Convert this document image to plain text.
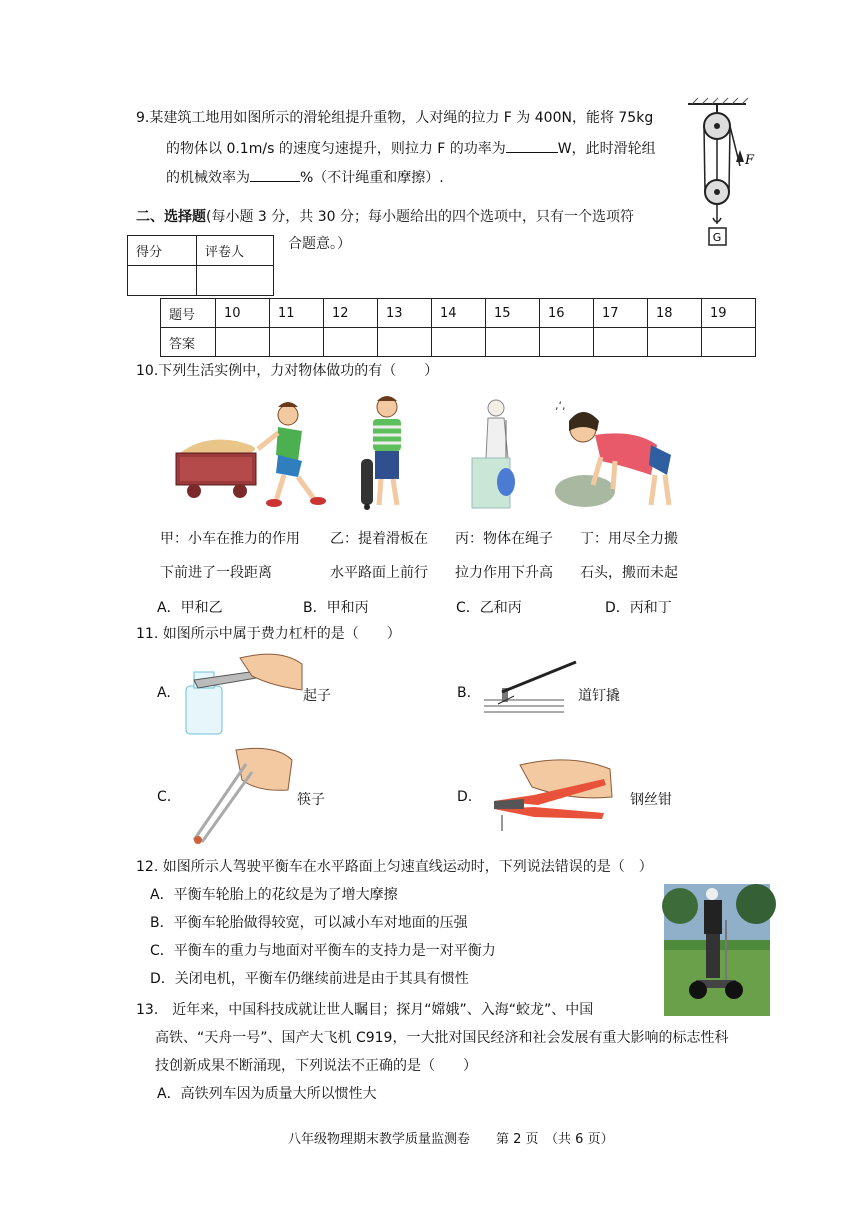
9.某建筑工地用如图所示的滑轮组提升重物，人对绳的拉力 F 为 400N，能将 75kg
的物体以 0.1m/s 的速度匀速提升，则拉力 F 的功率为	W，此时滑轮组
的机械效率为	%（不计绳重和摩擦）.
G
F
二、选择题(每小题 3 分，共 30 分；每小题给出的四个选项中，只有一个选项符
合题意。）
得分	评卷人

题号	10	11	12	13	14	15	16	17	18	19
答案										
10.下列生活实例中，力对物体做功的有（　　）
,ʻ,
甲：小车在推力的作用
下前进了一段距离
乙：提着滑板在
水平路面上前行
丙：物体在绳子
拉力作用下升高
丁：用尽全力搬
石头，搬而未起
A．甲和乙	B．甲和丙	C．乙和丙	D．丙和丁
11. 如图所示中属于费力杠杆的是（　　）
A.	起子	B.	道钉撬
C.	筷子	D.	钢丝钳
12. 如图所示人驾驶平衡车在水平路面上匀速直线运动时，下列说法错误的是（　）
A．平衡车轮胎上的花纹是为了增大摩擦
B．平衡车轮胎做得较宽，可以减小车对地面的压强
C．平衡车的重力与地面对平衡车的支持力是一对平衡力
D．关闭电机，平衡车仍继续前进是由于其具有惯性
13.　近年来，中国科技成就让世人瞩目；探月“嫦娥”、入海“蛟龙”、中国
高铁、“天舟一号”、国产大飞机 C919，一大批对国民经济和社会发展有重大影响的标志性科
技创新成果不断涌现，下列说法不正确的是（　　）
A．高铁列车因为质量大所以惯性大
八年级物理期末教学质量监测卷　　第 2 页　（共 6 页）
